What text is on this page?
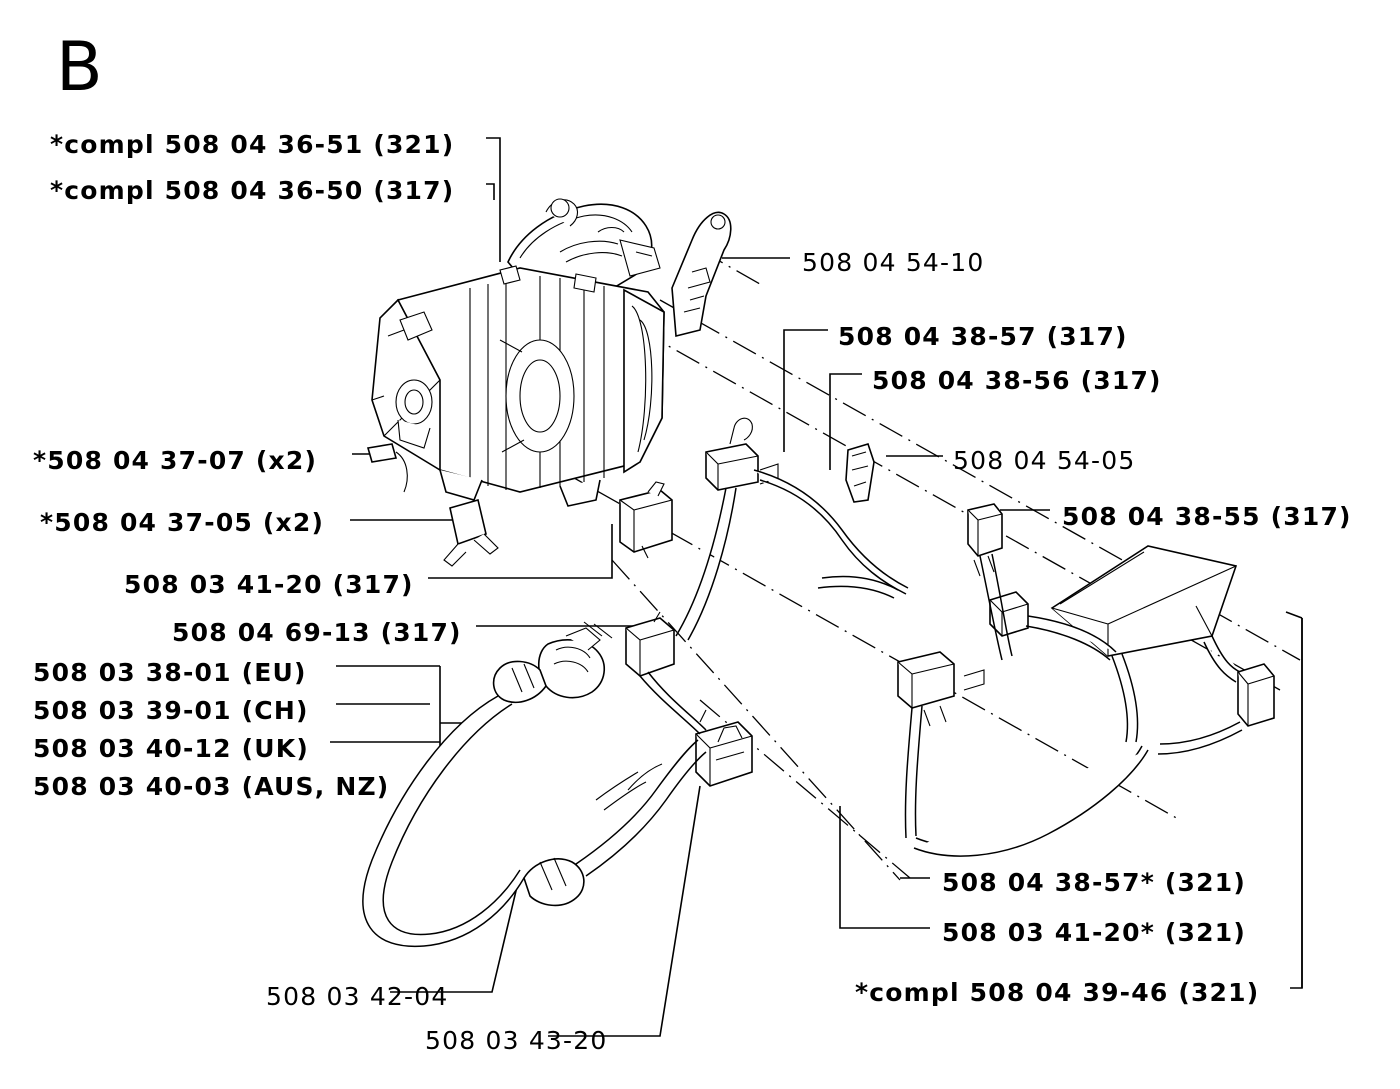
B
*compl 508 04 36-51 (321)
*compl 508 04 36-50 (317)
508 04 54-10
508 04 38-57 (317)
508 04 38-56 (317)
508 04 54-05
508 04 38-55 (317)
*508 04 37-07 (x2)
*508 04 37-05 (x2)
508 03 41-20 (317)
508 04 69-13 (317)
508 03 38-01 (EU)
508 03 39-01 (CH)
508 03 40-12 (UK)
508 03 40-03 (AUS, NZ)
508 04 38-57* (321)
508 03 41-20* (321)
508 03 42-04
508 03 43-20
*compl 508 04 39-46 (321)
